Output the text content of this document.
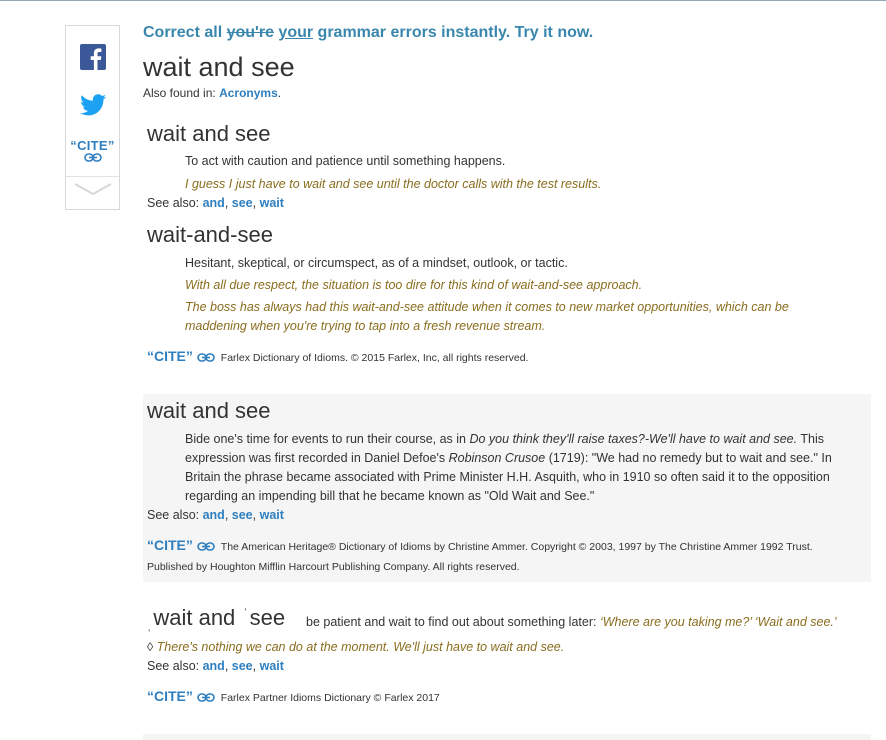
“CITE”
Correct all you're your grammar errors instantly. Try it now.
wait and see
Also found in: Acronyms.
wait and see
To act with caution and patience until something happens.
I guess I just have to wait and see until the doctor calls with the test results.
See also: and, see, wait
wait-and-see
Hesitant, skeptical, or circumspect, as of a mindset, outlook, or tactic.
With all due respect, the situation is too dire for this kind of wait-and-see approach.
The boss has always had this wait-and-see attitude when it comes to new market opportunities, which can be maddening when you're trying to tap into a fresh revenue stream.
“CITE”	Farlex Dictionary of Idioms. © 2015 Farlex, Inc, all rights reserved.
wait and see
Bide one's time for events to run their course, as in Do you think they'll raise taxes?-We'll have to wait and see. This expression was first recorded in Daniel Defoe's Robinson Crusoe (1719): "We had no remedy but to wait and see." In Britain the phrase became associated with Prime Minister H.H. Asquith, who in 1910 so often said it to the opposition regarding an impending bill that he became known as "Old Wait and See."
See also: and, see, wait
“CITE”	The American Heritage® Dictionary of Idioms by Christine Ammer. Copyright © 2003, 1997 by The Christine Ammer 1992 Trust. Published by Houghton Mifflin Harcourt Publishing Company. All rights reserved.
ˌwait and $^ˈ$see be patient and wait to find out about something later: ‘Where are you taking me?’ ‘Wait and see.’
◊ There's nothing we can do at the moment. We'll just have to wait and see.
See also: and, see, wait
“CITE”	Farlex Partner Idioms Dictionary © Farlex 2017
